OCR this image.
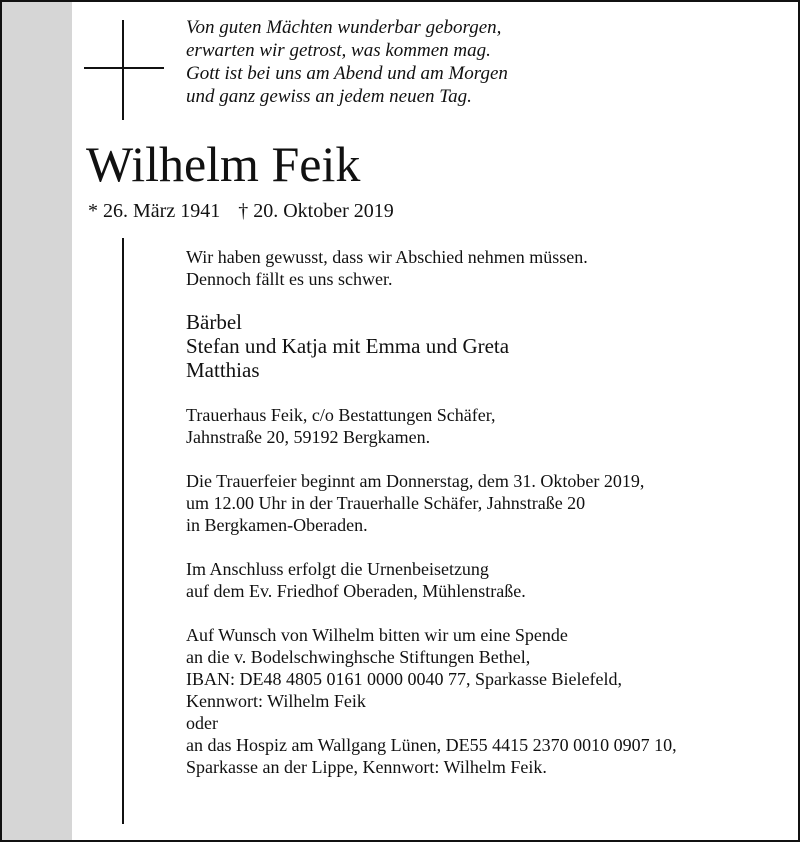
Von guten Mächten wunderbar geborgen,
erwarten wir getrost, was kommen mag.
Gott ist bei uns am Abend und am Morgen
und ganz gewiss an jedem neuen Tag.
Wilhelm Feik
* 26. März 1941 † 20. Oktober 2019
Wir haben gewusst, dass wir Abschied nehmen müssen.
Dennoch fällt es uns schwer.
Bärbel
Stefan und Katja mit Emma und Greta
Matthias
Trauerhaus Feik, c/o Bestattungen Schäfer,
Jahnstraße 20, 59192 Bergkamen.
Die Trauerfeier beginnt am Donnerstag, dem 31. Oktober 2019,
um 12.00 Uhr in der Trauerhalle Schäfer, Jahnstraße 20
in Bergkamen-Oberaden.
Im Anschluss erfolgt die Urnenbeisetzung
auf dem Ev. Friedhof Oberaden, Mühlenstraße.
Auf Wunsch von Wilhelm bitten wir um eine Spende
an die v. Bodelschwinghsche Stiftungen Bethel,
IBAN: DE48 4805 0161 0000 0040 77, Sparkasse Bielefeld,
Kennwort: Wilhelm Feik
oder
an das Hospiz am Wallgang Lünen, DE55 4415 2370 0010 0907 10,
Sparkasse an der Lippe, Kennwort: Wilhelm Feik.
